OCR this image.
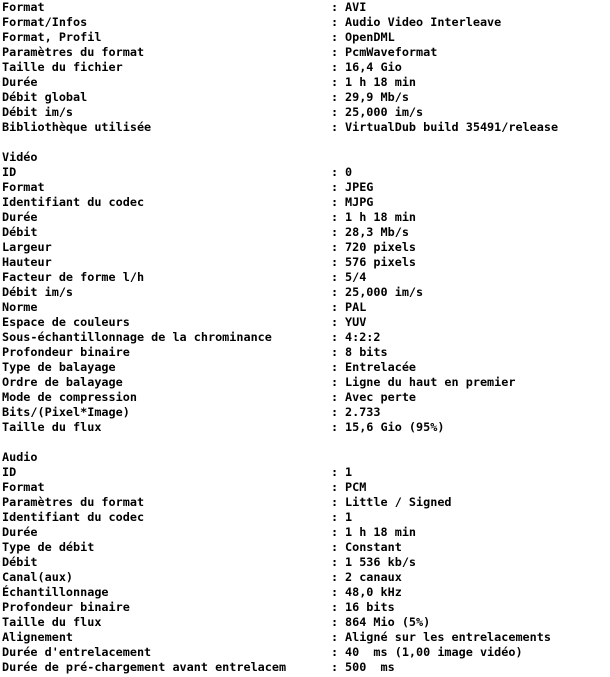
Format	: AVI
Format/Infos	: Audio Video Interleave
Format, Profil	: OpenDML
Paramètres du format	: PcmWaveformat
Taille du fichier	: 16,4 Gio
Durée	: 1 h 18 min
Débit global	: 29,9 Mb/s
Débit im/s	: 25,000 im/s
Bibliothèque utilisée	: VirtualDub build 35491/release
Vidéo
ID	: 0
Format	: JPEG
Identifiant du codec	: MJPG
Durée	: 1 h 18 min
Débit	: 28,3 Mb/s
Largeur	: 720 pixels
Hauteur	: 576 pixels
Facteur de forme l/h	: 5/4
Débit im/s	: 25,000 im/s
Norme	: PAL
Espace de couleurs	: YUV
Sous-échantillonnage de la chrominance	: 4:2:2
Profondeur binaire	: 8 bits
Type de balayage	: Entrelacée
Ordre de balayage	: Ligne du haut en premier
Mode de compression	: Avec perte
Bits/(Pixel*Image)	: 2.733
Taille du flux	: 15,6 Gio (95%)
Audio
ID	: 1
Format	: PCM
Paramètres du format	: Little / Signed
Identifiant du codec	: 1
Durée	: 1 h 18 min
Type de débit	: Constant
Débit	: 1 536 kb/s
Canal(aux)	: 2 canaux
Échantillonnage	: 48,0 kHz
Profondeur binaire	: 16 bits
Taille du flux	: 864 Mio (5%)
Alignement	: Aligné sur les entrelacements
Durée d'entrelacement	: 40  ms (1,00 image vidéo)
Durée de pré-chargement avant entrelacem	: 500  ms
